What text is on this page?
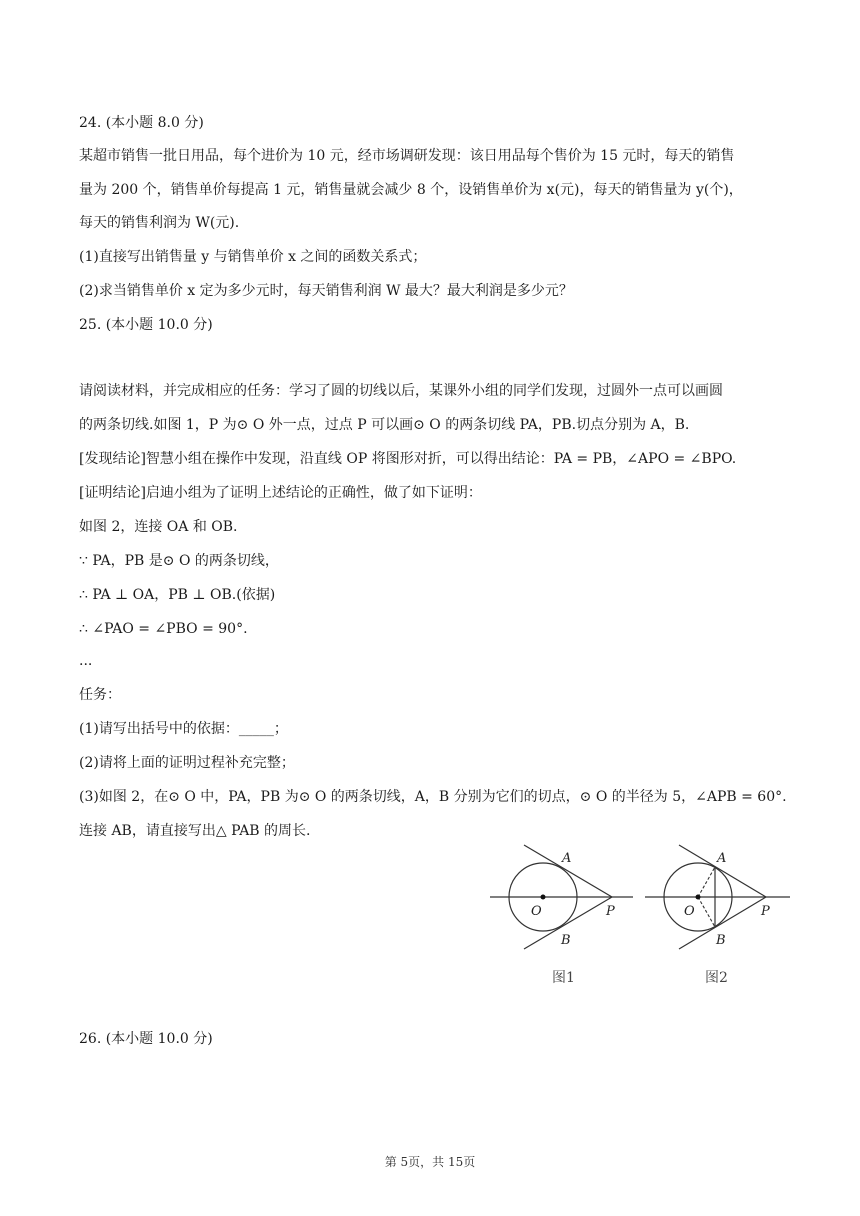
24. (本小题 8.0 分)
某超市销售一批日用品，每个进价为 10 元，经市场调研发现：该日用品每个售价为 15 元时，每天的销售
量为 200 个，销售单价每提高 1 元，销售量就会减少 8 个，设销售单价为 x(元)，每天的销售量为 y(个)，
每天的销售利润为 W(元).
(1)直接写出销售量 y 与销售单价 x 之间的函数关系式；
(2)求当销售单价 x 定为多少元时，每天销售利润 W 最大？最大利润是多少元？
25. (本小题 10.0 分)
请阅读材料，并完成相应的任务：学习了圆的切线以后，某课外小组的同学们发现，过圆外一点可以画圆
的两条切线.如图 1，P 为⊙ O 外一点，过点 P 可以画⊙ O 的两条切线 PA，PB.切点分别为 A，B.
[发现结论]智慧小组在操作中发现，沿直线 OP 将图形对折，可以得出结论：PA = PB，∠APO = ∠BPO.
[证明结论]启迪小组为了证明上述结论的正确性，做了如下证明：
如图 2，连接 OA 和 OB.
∵ PA，PB 是⊙ O 的两条切线，
∴ PA ⊥ OA，PB ⊥ OB.(依据)
∴ ∠PAO = ∠PBO = 90°.
...
任务：
(1)请写出括号中的依据：_____；
(2)请将上面的证明过程补充完整；
(3)如图 2，在⊙ O 中，PA，PB 为⊙ O 的两条切线，A，B 分别为它们的切点，⊙ O 的半径为 5，∠APB = 60°.
连接 AB，请直接写出△ PAB 的周长.
A
B
O	P
图1
A
B
O	P
图2
26. (本小题 10.0 分)
第 5页，共 15页
